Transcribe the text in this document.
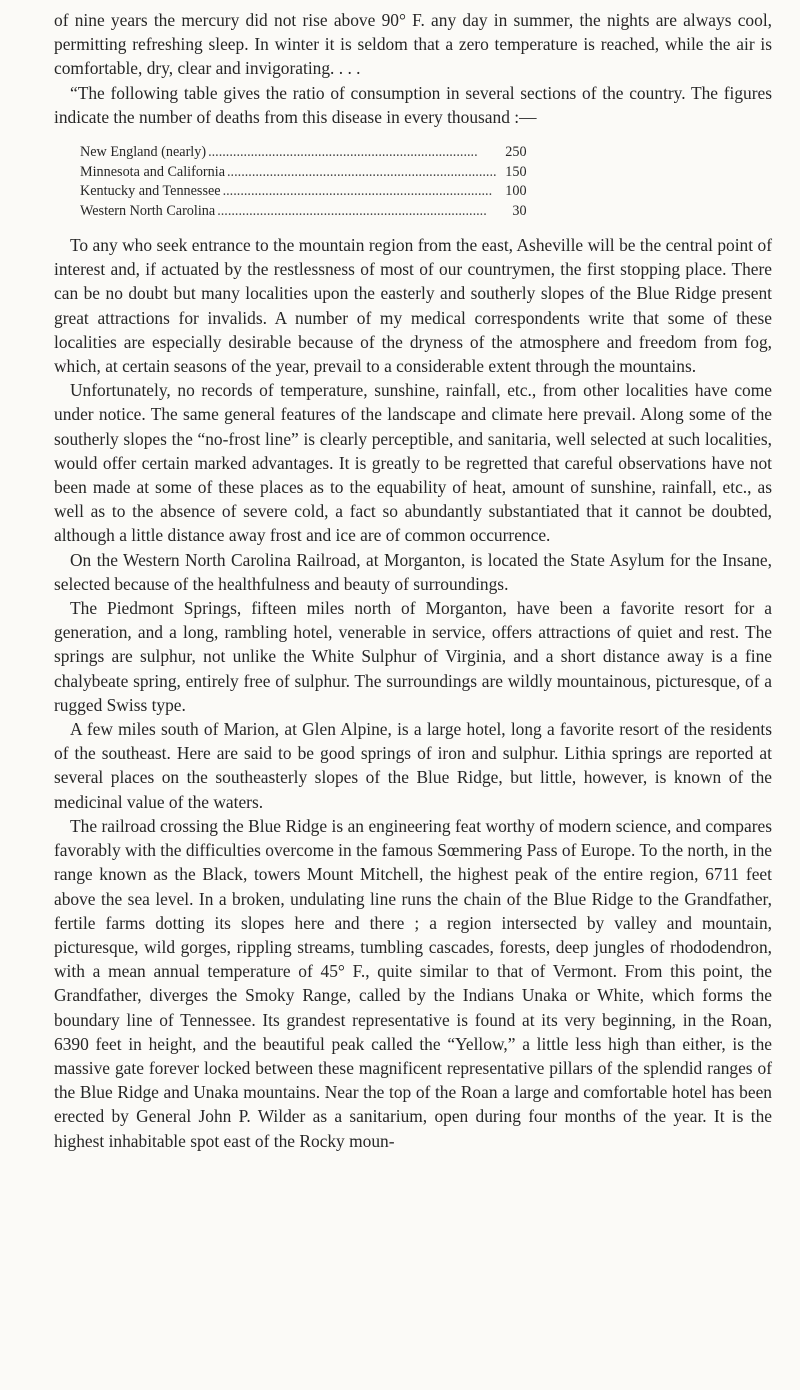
of nine years the mercury did not rise above 90° F. any day in summer, the nights are always cool, permitting refreshing sleep. In winter it is seldom that a zero temperature is reached, while the air is comfortable, dry, clear and invigorating. . . .

“The following table gives the ratio of consumption in several sections of the country. The figures indicate the number of deaths from this disease in every thousand :—

New England (nearly) ............................................................................	250
Minnesota and California ............................................................................	150
Kentucky and Tennessee ............................................................................	100
Western North Carolina ............................................................................	30

To any who seek entrance to the mountain region from the east, Asheville will be the central point of interest and, if actuated by the restlessness of most of our countrymen, the first stopping place. There can be no doubt but many localities upon the easterly and southerly slopes of the Blue Ridge present great attractions for invalids. A number of my medical correspondents write that some of these localities are especially desirable because of the dryness of the atmosphere and freedom from fog, which, at certain seasons of the year, prevail to a considerable extent through the mountains.

Unfortunately, no records of temperature, sunshine, rainfall, etc., from other localities have come under notice. The same general features of the landscape and climate here prevail. Along some of the southerly slopes the “no-frost line” is clearly perceptible, and sanitaria, well selected at such localities, would offer certain marked advantages. It is greatly to be regretted that careful observations have not been made at some of these places as to the equability of heat, amount of sunshine, rainfall, etc., as well as to the absence of severe cold, a fact so abundantly substantiated that it cannot be doubted, although a little distance away frost and ice are of common occurrence.

On the Western North Carolina Railroad, at Morganton, is located the State Asylum for the Insane, selected because of the healthfulness and beauty of surroundings.

The Piedmont Springs, fifteen miles north of Morganton, have been a favorite resort for a generation, and a long, rambling hotel, venerable in service, offers attractions of quiet and rest. The springs are sulphur, not unlike the White Sulphur of Virginia, and a short distance away is a fine chalybeate spring, entirely free of sulphur. The surroundings are wildly mountainous, picturesque, of a rugged Swiss type.

A few miles south of Marion, at Glen Alpine, is a large hotel, long a favorite resort of the residents of the southeast. Here are said to be good springs of iron and sulphur. Lithia springs are reported at several places on the southeasterly slopes of the Blue Ridge, but little, however, is known of the medicinal value of the waters.

The railroad crossing the Blue Ridge is an engineering feat worthy of modern science, and compares favorably with the difficulties overcome in the famous Sœmmering Pass of Europe. To the north, in the range known as the Black, towers Mount Mitchell, the highest peak of the entire region, 6711 feet above the sea level. In a broken, undulating line runs the chain of the Blue Ridge to the Grandfather, fertile farms dotting its slopes here and there ; a region intersected by valley and mountain, picturesque, wild gorges, rippling streams, tumbling cascades, forests, deep jungles of rhododendron, with a mean annual temperature of 45° F., quite similar to that of Vermont. From this point, the Grandfather, diverges the Smoky Range, called by the Indians Unaka or White, which forms the boundary line of Tennessee. Its grandest representative is found at its very beginning, in the Roan, 6390 feet in height, and the beautiful peak called the “Yellow,” a little less high than either, is the massive gate forever locked between these magnificent representative pillars of the splendid ranges of the Blue Ridge and Unaka mountains. Near the top of the Roan a large and comfortable hotel has been erected by General John P. Wilder as a sanitarium, open during four months of the year. It is the highest inhabitable spot east of the Rocky moun-
